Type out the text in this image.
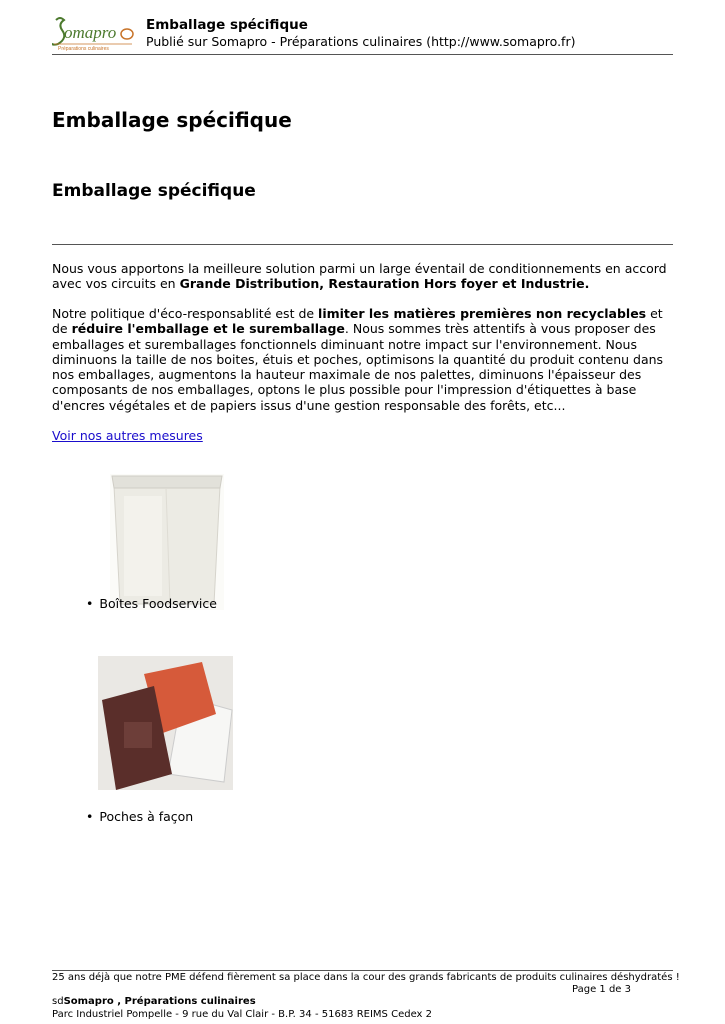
omapro
Préparations culinaires
Emballage spécifique
Publié sur Somapro - Préparations culinaires (http://www.somapro.fr)
Emballage spécifique
Emballage spécifique

Nous vous apportons la meilleure solution parmi un large éventail de conditionnements en accord avec vos circuits en Grande Distribution, Restauration Hors foyer et Industrie.

Notre politique d'éco-responsablité est de limiter les matières premières non recyclables et de réduire l'emballage et le suremballage. Nous sommes très attentifs à vous proposer des emballages et suremballages fonctionnels diminuant notre impact sur l'environnement. Nous diminuons la taille de nos boites, étuis et poches, optimisons la quantité du produit contenu dans nos emballages, augmentons la hauteur maximale de nos palettes, diminuons l'épaisseur des composants de nos emballages, optons le plus possible pour l'impression d'étiquettes à base d'encres végétales et de papiers issus d'une gestion responsable des forêts, etc...

Voir nos autres mesures
• Boîtes Foodservice
• Poches à façon
25 ans déjà que notre PME défend fièrement sa place dans la cour des grands fabricants de produits culinaires déshydratés !
Page 1 de 3
sdSomapro , Préparations culinaires
Parc Industriel Pompelle - 9 rue du Val Clair - B.P. 34 - 51683 REIMS Cedex 2
